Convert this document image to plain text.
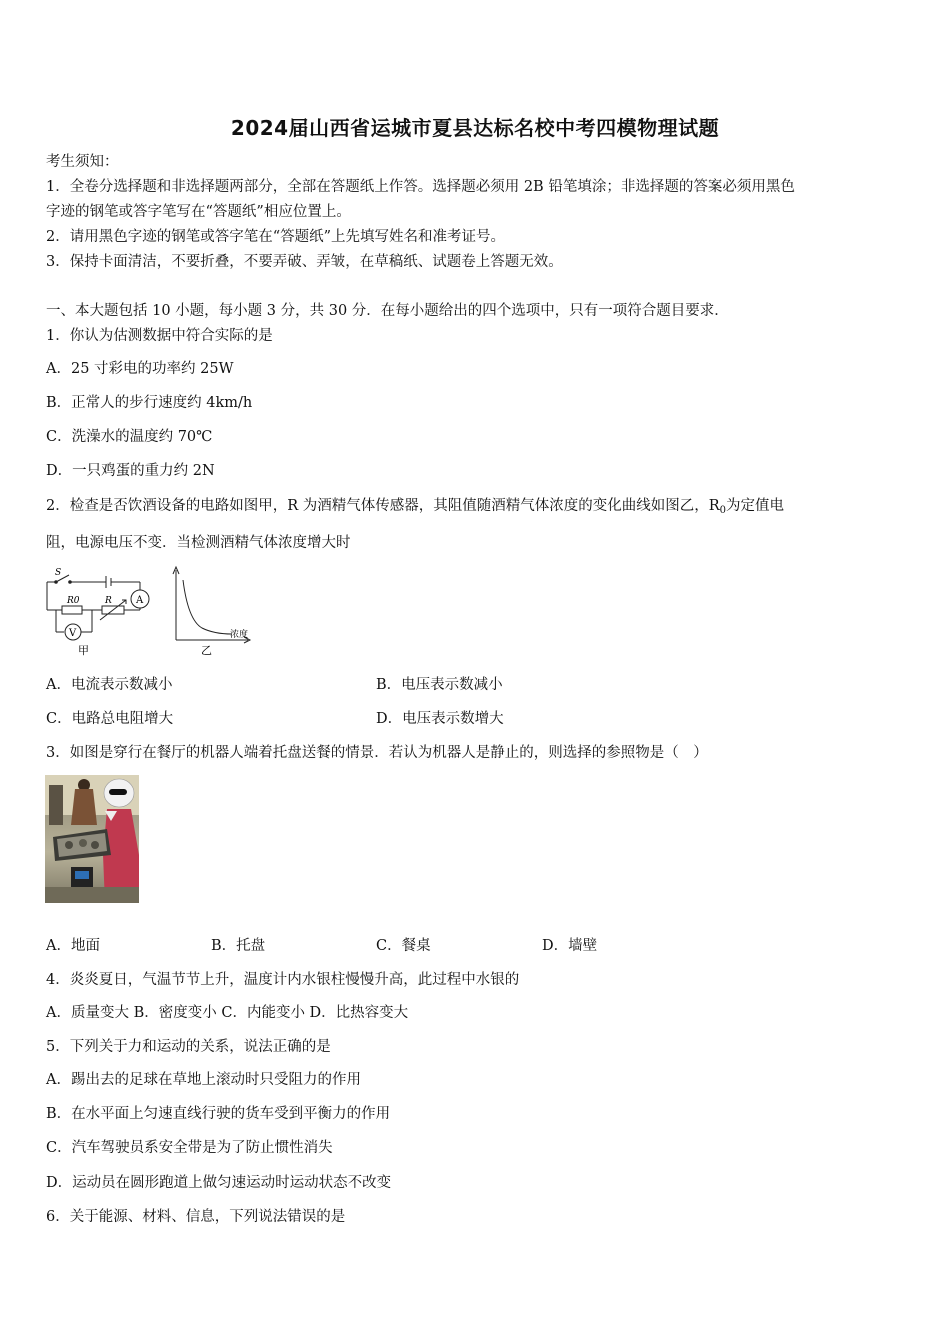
2024届山西省运城市夏县达标名校中考四模物理试题
考生须知：
1．全卷分选择题和非选择题两部分，全部在答题纸上作答。选择题必须用 2B 铅笔填涂；非选择题的答案必须用黑色
字迹的钢笔或答字笔写在“答题纸”相应位置上。
2．请用黑色字迹的钢笔或答字笔在“答题纸”上先填写姓名和准考证号。
3．保持卡面清洁，不要折叠，不要弄破、弄皱，在草稿纸、试题卷上答题无效。
一、本大题包括 10 小题，每小题 3 分，共 30 分．在每小题给出的四个选项中，只有一项符合题目要求．
1．你认为估测数据中符合实际的是
A．25 寸彩电的功率约 25W
B．正常人的步行速度约 4km/h
C．洗澡水的温度约 70℃
D．一只鸡蛋的重力约 2N
2．检查是否饮酒设备的电路如图甲，R 为酒精气体传感器，其阻值随酒精气体浓度的变化曲线如图乙，$R_0$为定值电
阻，电源电压不变．当检测酒精气体浓度增大时
S
R0	R A
V
甲
浓度
乙
A．电流表示数减小	B．电压表示数减小
C．电路总电阻增大	D．电压表示数增大
3．如图是穿行在餐厅的机器人端着托盘送餐的情景．若认为机器人是静止的，则选择的参照物是（　）
A．地面	B．托盘	C．餐桌	D．墙壁
4．炎炎夏日，气温节节上升，温度计内水银柱慢慢升高，此过程中水银的
A．质量变大 B．密度变小 C．内能变小 D．比热容变大
5．下列关于力和运动的关系，说法正确的是
A．踢出去的足球在草地上滚动时只受阻力的作用
B．在水平面上匀速直线行驶的货车受到平衡力的作用
C．汽车驾驶员系安全带是为了防止惯性消失
D．运动员在圆形跑道上做匀速运动时运动状态不改变
6．关于能源、材料、信息，下列说法错误的是
